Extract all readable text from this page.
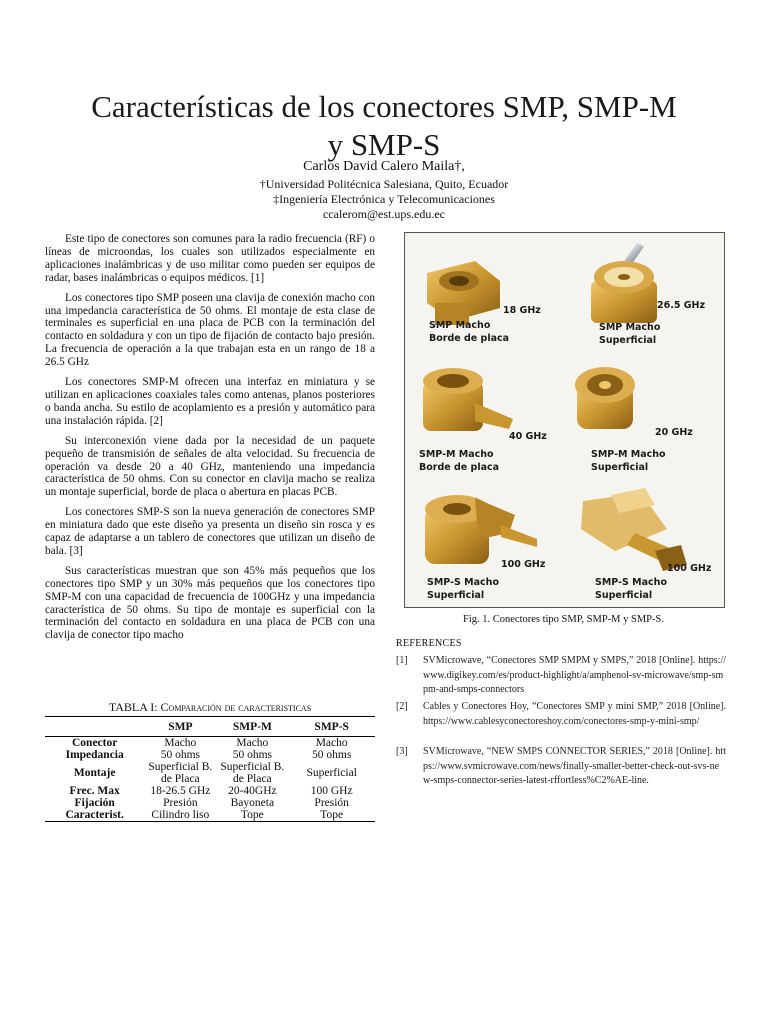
Características de los conectores SMP, SMP-M
y SMP-S
Carlos David Calero Maila†,
†Universidad Politécnica Salesiana, Quito, Ecuador
‡Ingeniería Electrónica y Telecomunicaciones
ccalerom@est.ups.edu.ec

Este tipo de conectores son comunes para la radio frecuencia (RF) o líneas de microondas, los cuales son utilizados especialmente en aplicaciones inalámbricas y de uso militar como pueden ser equipos de radar, bases inalámbricas o equipos médicos. [1]

Los conectores tipo SMP poseen una clavija de conexión macho con una impedancia característica de 50 ohms. El montaje de esta clase de terminales es superficial en una placa de PCB con la terminación del contacto en soldadura y con un tipo de fijación de contacto bajo presión. La frecuencia de operación a la que trabajan esta en un rango de 18 a 26.5 GHz

Los conectores SMP-M ofrecen una interfaz en miniatura y se utilizan en aplicaciones coaxiales tales como antenas, planos posteriores o banda ancha. Su estilo de acoplamiento es a presión y automático para una instalación rápida. [2]

Su interconexión viene dada por la necesidad de un paquete pequeño de transmisión de señales de alta velocidad. Su frecuencia de operación va desde 20 a 40 GHz, manteniendo una impedancia característica de 50 ohms. Con su conector en clavija macho se realiza un montaje superficial, borde de placa o abertura en placas PCB.

Los conectores SMP-S son la nueva generación de conectores SMP en miniatura dado que este diseño ya presenta un diseño sin rosca y es capaz de adaptarse a un tablero de conectores que utilizan un diseño de bala. [3]

Sus características muestran que son 45% más pequeños que los conectores tipo SMP y un 30% más pequeños que los conectores tipo SMP-M con una capacidad de frecuencia de 100GHz y una impedancia característica de 50 ohms. Su tipo de montaje es superficial con la terminación del contacto en soldadura en una placa de PCB con una clavija de conector tipo macho

TABLA I: Comparación de caracteristicas
	SMP	SMP-M	SMP-S
Conector	Macho	Macho	Macho
Impedancia	50 ohms	50 ohms	50 ohms
Montaje	Superficial B. de Placa	Superficial B. de Placa	Superficial
Frec. Max	18-26.5 GHz	20-40GHz	100 GHz
Fijación	Presión	Bayoneta	Presión
Caracterist.	Cilindro liso	Tope	Tope
18 GHz
SMP Macho
Borde de placa
26.5 GHz
SMP Macho
Superficial
40 GHz
SMP-M Macho
Borde de placa
20 GHz
SMP-M Macho
Superficial
100 GHz
SMP-S Macho
Superficial
100 GHz
SMP-S Macho
Superficial
Fig. 1. Conectores tipo SMP, SMP-M y SMP-S.
REFERENCES
[1] SVMicrowave, “Conectores SMP SMPM y SMPS,” 2018 [Online]. https://www.digikey.com/es/product-highlight/a/amphenol-sv-microwave/smp-smpm-and-smps-connectors
[2] Cables y Conectores Hoy, “Conectores SMP y mini SMP,” 2018 [Online]. https://www.cablesyconectoreshoy.com/conectores-smp-y-mini-smp/
[3] SVMicrowave, “NEW SMPS CONNECTOR SERIES,” 2018 [Online]. https://www.svmicrowave.com/news/finally-smaller-better-check-out-svs-new-smps-connector-series-latest-rffortless%C2%AE-line.
